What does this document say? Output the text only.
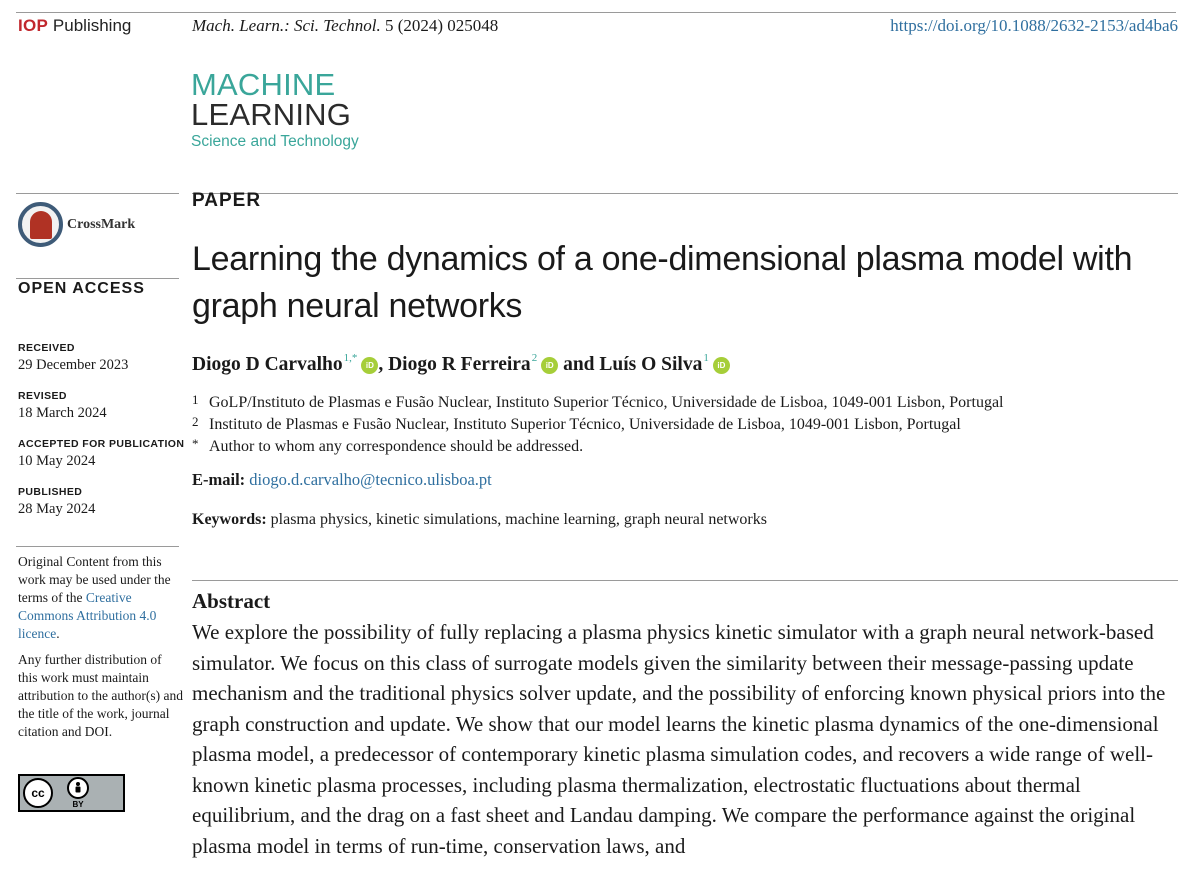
IOP Publishing	Mach. Learn.: Sci. Technol. 5 (2024) 025048	https://doi.org/10.1088/2632-2153/ad4ba6
MACHINE
LEARNING
Science and Technology
CrossMark
OPEN ACCESS
RECEIVED
29 December 2023
REVISED
18 March 2024
ACCEPTED FOR PUBLICATION
10 May 2024
PUBLISHED
28 May 2024

Original Content from this work may be used under the terms of the Creative Commons Attribution 4.0 licence.

Any further distribution of this work must maintain attribution to the author(s) and the title of the work, journal citation and DOI.

cc
BY
PAPER
Learning the dynamics of a one-dimensional plasma model with graph neural networks
Diogo D Carvalho$^{1,*}$
iD ,
Diogo R Ferreira$^2$
iD
and
Luís O Silva$^1$
iD
1 GoLP/Instituto de Plasmas e Fusão Nuclear, Instituto Superior Técnico, Universidade de Lisboa, 1049-001 Lisbon, Portugal
2 Instituto de Plasmas e Fusão Nuclear, Instituto Superior Técnico, Universidade de Lisboa, 1049-001 Lisbon, Portugal
* Author to whom any correspondence should be addressed.
E-mail: diogo.d.carvalho@tecnico.ulisboa.pt
Keywords: plasma physics, kinetic simulations, machine learning, graph neural networks
Abstract
We explore the possibility of fully replacing a plasma physics kinetic simulator with a graph neural network-based simulator. We focus on this class of surrogate models given the similarity between their message-passing update mechanism and the traditional physics solver update, and the possibility of enforcing known physical priors into the graph construction and update. We show that our model learns the kinetic plasma dynamics of the one-dimensional plasma model, a predecessor of contemporary kinetic plasma simulation codes, and recovers a wide range of well-known kinetic plasma processes, including plasma thermalization, electrostatic fluctuations about thermal equilibrium, and the drag on a fast sheet and Landau damping. We compare the performance against the original plasma model in terms of run-time, conservation laws, and
